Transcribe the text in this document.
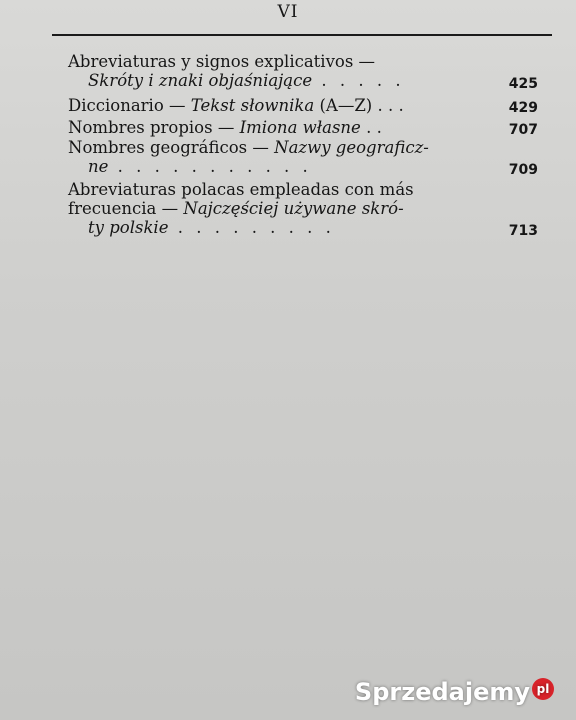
VI
Abreviaturas y signos explicativos —
Skróty i znaki objaśniające . . . . .	425
Diccionario — Tekst słownika (A—Z) . . .	429
Nombres propios — Imiona własne . .	707
Nombres geográficos — Nazwy geograficz-
ne . . . . . . . . . . .	709
Abreviaturas polacas empleadas con más
frecuencia — Najczęściej używane skró-
ty polskie . . . . . . . . .	713
Sprzedajemy pl
